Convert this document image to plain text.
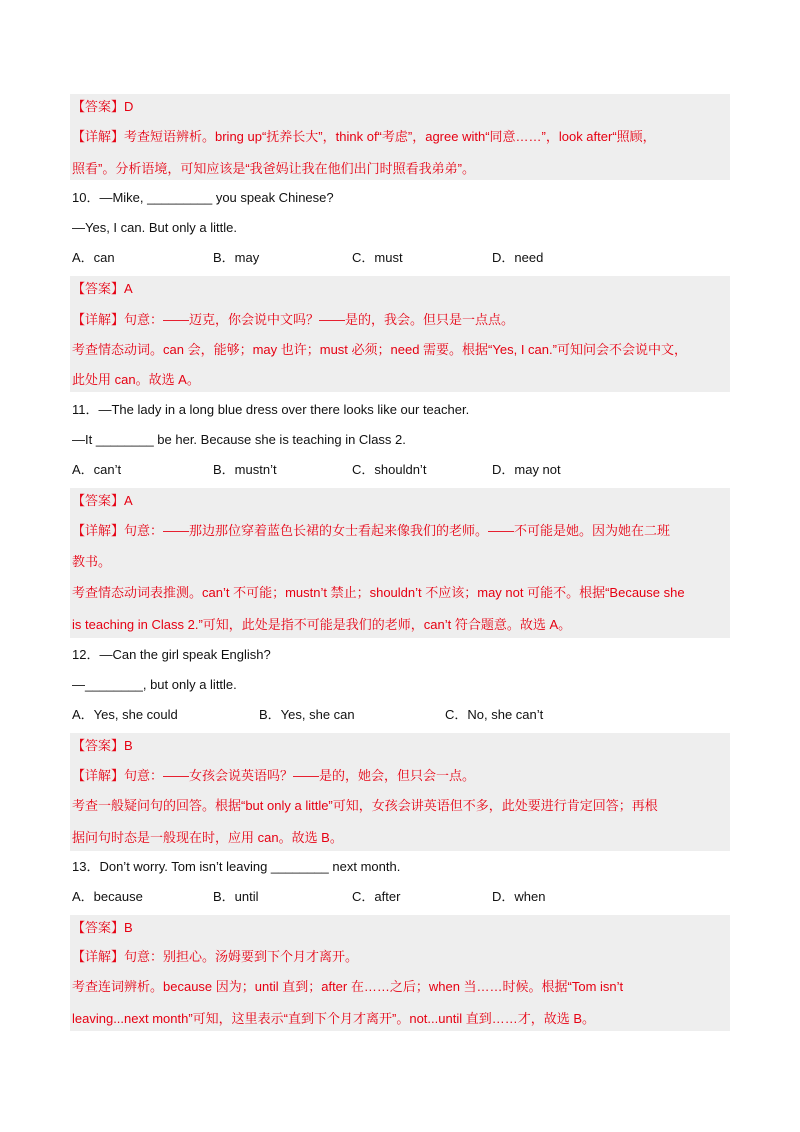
【答案】D
【详解】考查短语辨析。bring up“抚养长大”，think of“考虑”，agree with“同意……”，look after“照顾，
照看”。分析语境，可知应该是“我爸妈让我在他们出门时照看我弟弟”。
10．—Mike, _________ you speak Chinese?
—Yes, I can. But only a little.
A．can	B．may	C．must	D．need
【答案】A
【详解】句意：——迈克，你会说中文吗？——是的，我会。但只是一点点。
考查情态动词。can 会，能够；may 也许；must 必须；need 需要。根据“Yes, I can.”可知问会不会说中文，
此处用 can。故选 A。
11．—The lady in a long blue dress over there looks like our teacher.
—It ________ be her. Because she is teaching in Class 2.
A．can’t	B．mustn’t	C．shouldn’t	D．may not
【答案】A
【详解】句意：——那边那位穿着蓝色长裙的女士看起来像我们的老师。——不可能是她。因为她在二班
教书。
考查情态动词表推测。can’t 不可能；mustn’t 禁止；shouldn’t 不应该；may not 可能不。根据“Because she
is teaching in Class 2.”可知，此处是指不可能是我们的老师，can’t 符合题意。故选 A。
12．—Can the girl speak English?
—________, but only a little.
A．Yes, she could	B．Yes, she can	C．No, she can’t
【答案】B
【详解】句意：——女孩会说英语吗？——是的，她会，但只会一点。
考查一般疑问句的回答。根据“but only a little”可知，女孩会讲英语但不多，此处要进行肯定回答；再根
据问句时态是一般现在时，应用 can。故选 B。
13．Don’t worry. Tom isn’t leaving ________ next month.
A．because	B．until	C．after	D．when
【答案】B
【详解】句意：别担心。汤姆要到下个月才离开。
考查连词辨析。because 因为；until 直到；after 在……之后；when 当……时候。根据“Tom isn’t
leaving...next month”可知，这里表示“直到下个月才离开”。not...until 直到……才，故选 B。
